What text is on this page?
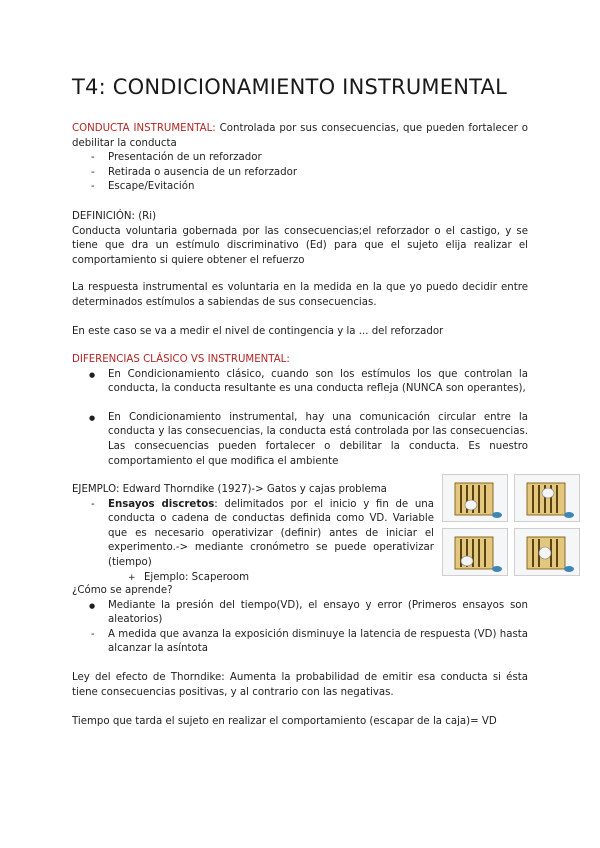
T4: CONDICIONAMIENTO INSTRUMENTAL
CONDUCTA INSTRUMENTAL: Controlada por sus consecuencias, que pueden fortalecer o debilitar la conducta
- Presentación de un reforzador
- Retirada o ausencia de un reforzador
- Escape/Evitación
DEFINICIÓN: (Ri)
Conducta voluntaria gobernada por las consecuencias;el reforzador o el castigo, y se tiene que dra un estímulo discriminativo (Ed) para que el sujeto elija realizar el comportamiento si quiere obtener el refuerzo
La respuesta instrumental es voluntaria en la medida en la que yo puedo decidir entre determinados estímulos a sabiendas de sus consecuencias.
En este caso se va a medir el nivel de contingencia y la ... del reforzador
DIFERENCIAS CLÁSICO VS INSTRUMENTAL:
● En Condicionamiento clásico, cuando son los estímulos los que controlan la conducta, la conducta resultante es una conducta refleja (NUNCA son operantes),
● En Condicionamiento instrumental, hay una comunicación circular entre la conducta y las consecuencias, la conducta está controlada por las consecuencias. Las consecuencias pueden fortalecer o debilitar la conducta. Es nuestro comportamiento el que modifica el ambiente
EJEMPLO: Edward Thorndike (1927)-> Gatos y cajas problema
- Ensayos discretos: delimitados por el inicio y fin de una conducta o cadena de conductas definida como VD. Variable que es necesario operativizar (definir) antes de iniciar el experimento.-> mediante cronómetro se puede operativizar (tiempo)
+ Ejemplo: Scaperoom
¿Cómo se aprende?
● Mediante la presión del tiempo(VD), el ensayo y error (Primeros ensayos son aleatorios)
- A medida que avanza la exposición disminuye la latencia de respuesta (VD) hasta alcanzar la asíntota
Ley del efecto de Thorndike: Aumenta la probabilidad de emitir esa conducta si ésta tiene consecuencias positivas, y al contrario con las negativas.
Tiempo que tarda el sujeto en realizar el comportamiento (escapar de la caja)= VD
